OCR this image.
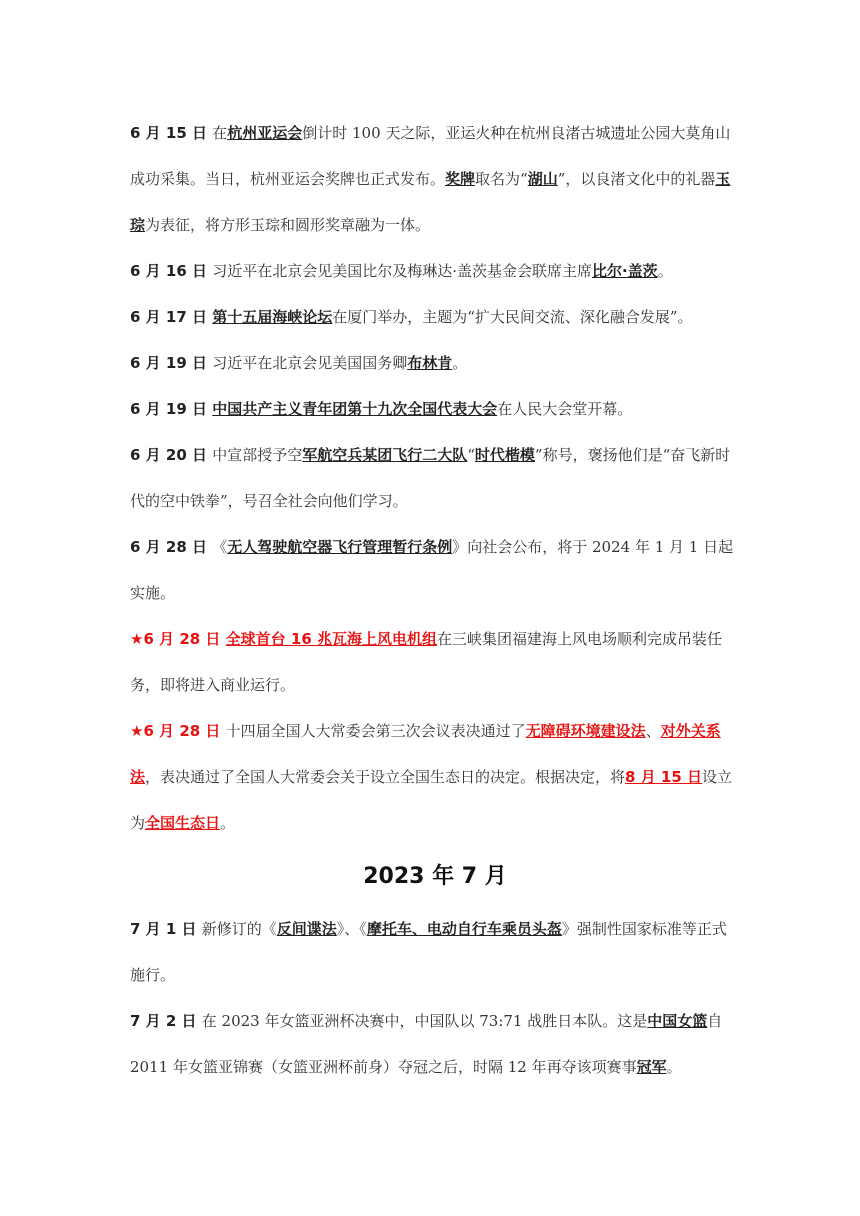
6 月 15 日 在杭州亚运会倒计时 100 天之际，亚运火种在杭州良渚古城遗址公园大莫角山成功采集。当日，杭州亚运会奖牌也正式发布。奖牌取名为“湖山”，以良渚文化中的礼器玉琮为表征，将方形玉琮和圆形奖章融为一体。

6 月 16 日 习近平在北京会见美国比尔及梅琳达·盖茨基金会联席主席比尔·盖茨。

6 月 17 日 第十五届海峡论坛在厦门举办，主题为“扩大民间交流、深化融合发展”。

6 月 19 日 习近平在北京会见美国国务卿布林肯。

6 月 19 日 中国共产主义青年团第十九次全国代表大会在人民大会堂开幕。

6 月 20 日 中宣部授予空军航空兵某团飞行二大队“时代楷模”称号，褒扬他们是“奋飞新时代的空中铁拳”，号召全社会向他们学习。

6 月 28 日 《无人驾驶航空器飞行管理暂行条例》向社会公布，将于 2024 年 1 月 1 日起实施。

★6 月 28 日 全球首台 16 兆瓦海上风电机组在三峡集团福建海上风电场顺利完成吊装任务，即将进入商业运行。

★6 月 28 日 十四届全国人大常委会第三次会议表决通过了无障碍环境建设法、对外关系法，表决通过了全国人大常委会关于设立全国生态日的决定。根据决定，将8 月 15 日设立为全国生态日。

2023 年 7 月

7 月 1 日 新修订的《反间谍法》、《摩托车、电动自行车乘员头盔》强制性国家标准等正式施行。

7 月 2 日 在 2023 年女篮亚洲杯决赛中，中国队以 73:71 战胜日本队。这是中国女篮自 2011 年女篮亚锦赛（女篮亚洲杯前身）夺冠之后，时隔 12 年再夺该项赛事冠军。
